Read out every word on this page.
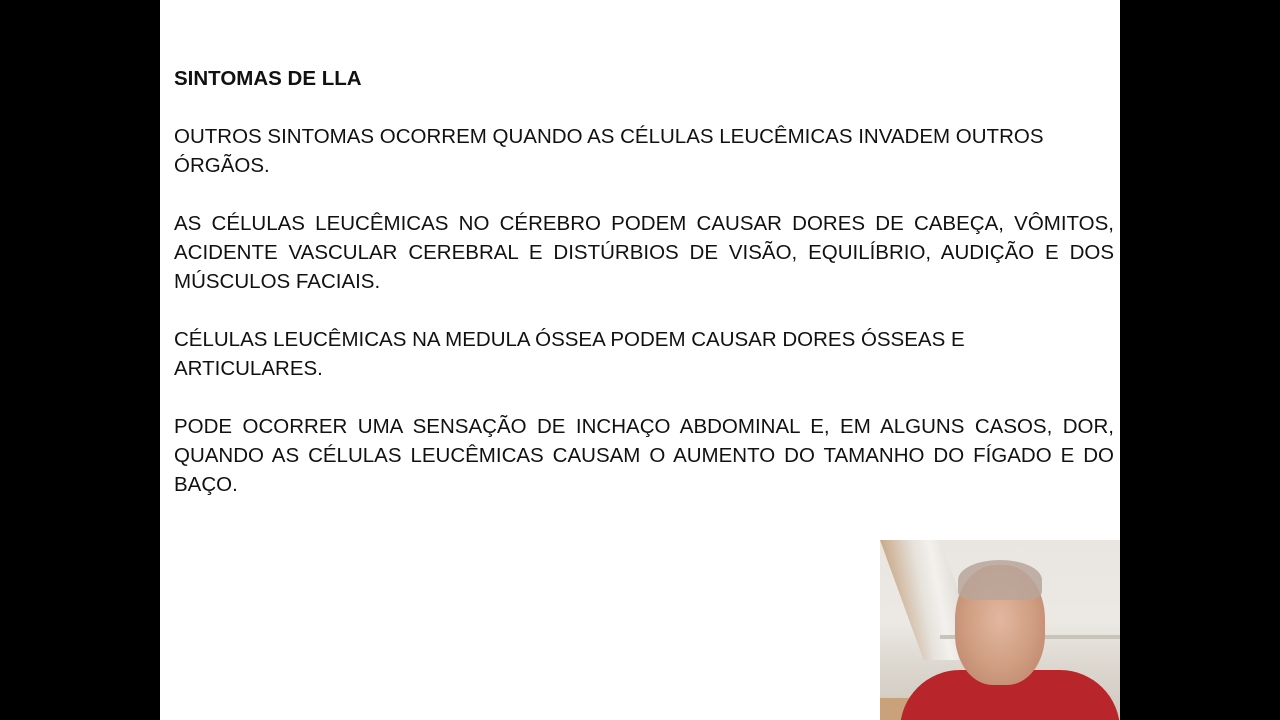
SINTOMAS DE LLA

OUTROS SINTOMAS OCORREM QUANDO AS CÉLULAS LEUCÊMICAS INVADEM OUTROS ÓRGÃOS.

AS CÉLULAS LEUCÊMICAS NO CÉREBRO PODEM CAUSAR DORES DE CABEÇA, VÔMITOS, ACIDENTE VASCULAR CEREBRAL E DISTÚRBIOS DE VISÃO, EQUILÍBRIO, AUDIÇÃO E DOS MÚSCULOS FACIAIS.

CÉLULAS LEUCÊMICAS NA MEDULA ÓSSEA PODEM CAUSAR DORES ÓSSEAS E ARTICULARES.

PODE OCORRER UMA SENSAÇÃO DE INCHAÇO ABDOMINAL E, EM ALGUNS CASOS, DOR, QUANDO AS CÉLULAS LEUCÊMICAS CAUSAM O AUMENTO DO TAMANHO DO FÍGADO E DO BAÇO.
